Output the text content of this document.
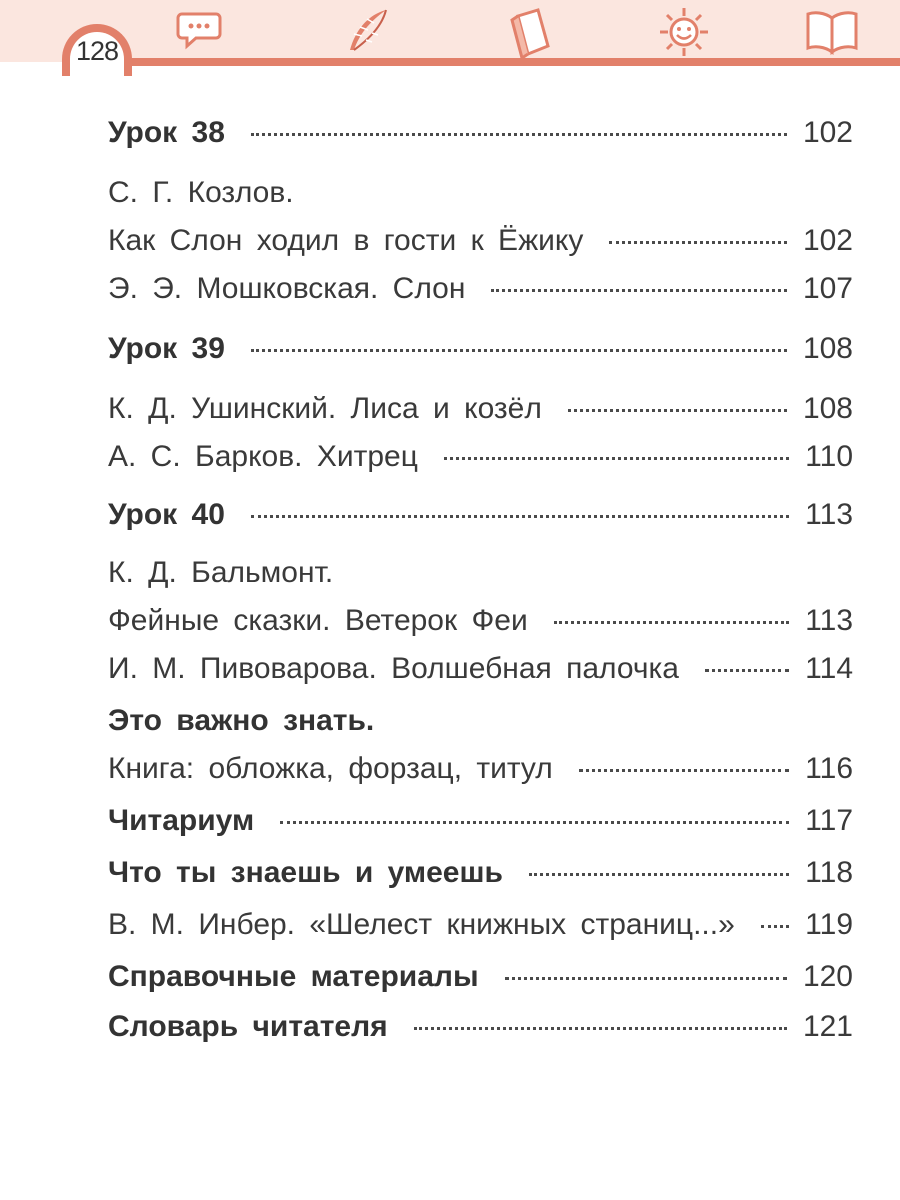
128
Урок 38	102
С. Г. Козлов.
Как Слон ходил в гости к Ёжику	102
Э. Э. Мошковская. Слон	107
Урок 39	108
К. Д. Ушинский. Лиса и козёл	108
А. С. Барков. Хитрец	110
Урок 40	113
К. Д. Бальмонт.
Фейные сказки. Ветерок Феи	113
И. М. Пивоварова. Волшебная палочка	114
Это важно знать.
Книга: обложка, форзац, титул	116
Читариум	117
Что ты знаешь и умеешь	118
В. М. Инбер. «Шелест книжных страниц...» 119
Справочные материалы	120
Словарь читателя	121
